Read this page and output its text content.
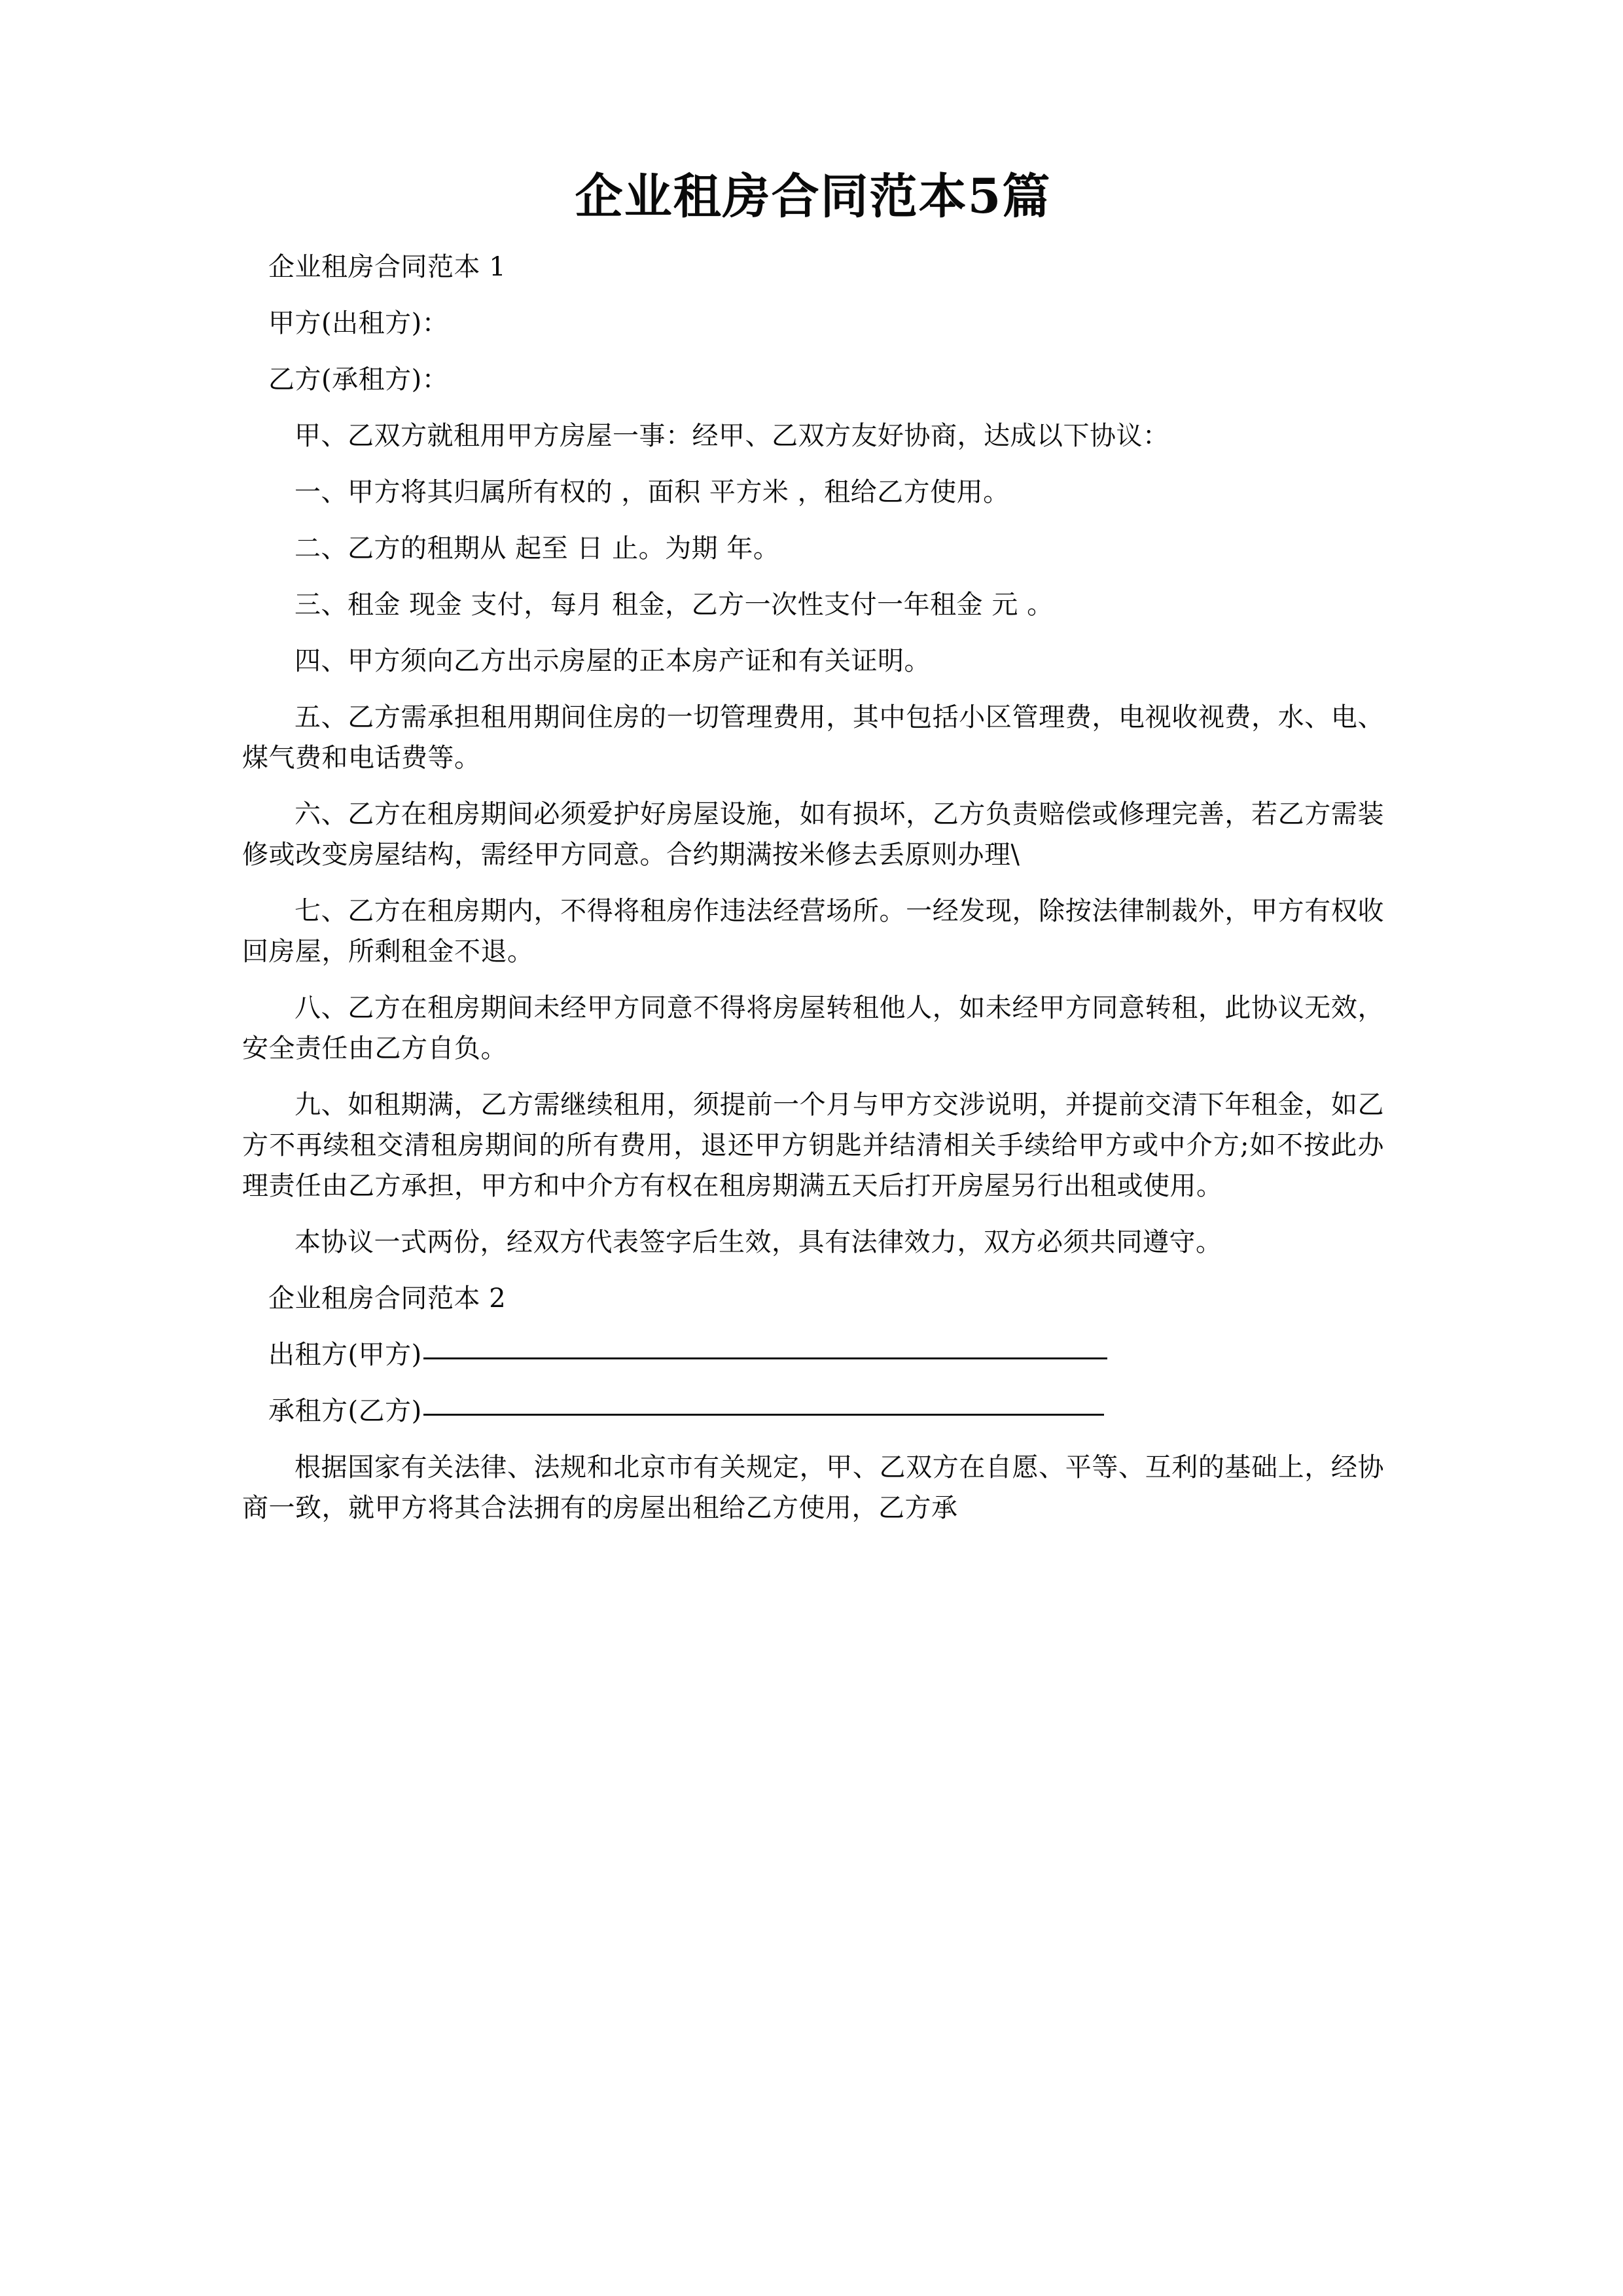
企业租房合同范本5篇

企业租房合同范本 1

甲方(出租方)：

乙方(承租方)：

甲、乙双方就租用甲方房屋一事：经甲、乙双方友好协商，达成以下协议：

一、甲方将其归属所有权的 ，面积 平方米 ，租给乙方使用。

二、乙方的租期从 起至 日 止。为期 年。

三、租金 现金 支付，每月 租金，乙方一次性支付一年租金 元 。

四、甲方须向乙方出示房屋的正本房产证和有关证明。

五、乙方需承担租用期间住房的一切管理费用，其中包括小区管理费，电视收视费，水、电、煤气费和电话费等。

六、乙方在租房期间必须爱护好房屋设施，如有损坏，乙方负责赔偿或修理完善，若乙方需装修或改变房屋结构，需经甲方同意。合约期满按米修去丢原则办理\

七、乙方在租房期内，不得将租房作违法经营场所。一经发现，除按法律制裁外，甲方有权收回房屋，所剩租金不退。

八、乙方在租房期间未经甲方同意不得将房屋转租他人，如未经甲方同意转租，此协议无效，安全责任由乙方自负。

九、如租期满，乙方需继续租用，须提前一个月与甲方交涉说明，并提前交清下年租金，如乙方不再续租交清租房期间的所有费用，退还甲方钥匙并结清相关手续给甲方或中介方;如不按此办理责任由乙方承担，甲方和中介方有权在租房期满五天后打开房屋另行出租或使用。

本协议一式两份，经双方代表签字后生效，具有法律效力，双方必须共同遵守。

企业租房合同范本 2

出租方(甲方)

承租方(乙方)

根据国家有关法律、法规和北京市有关规定，甲、乙双方在自愿、平等、互利的基础上，经协商一致，就甲方将其合法拥有的房屋出租给乙方使用，乙方承
